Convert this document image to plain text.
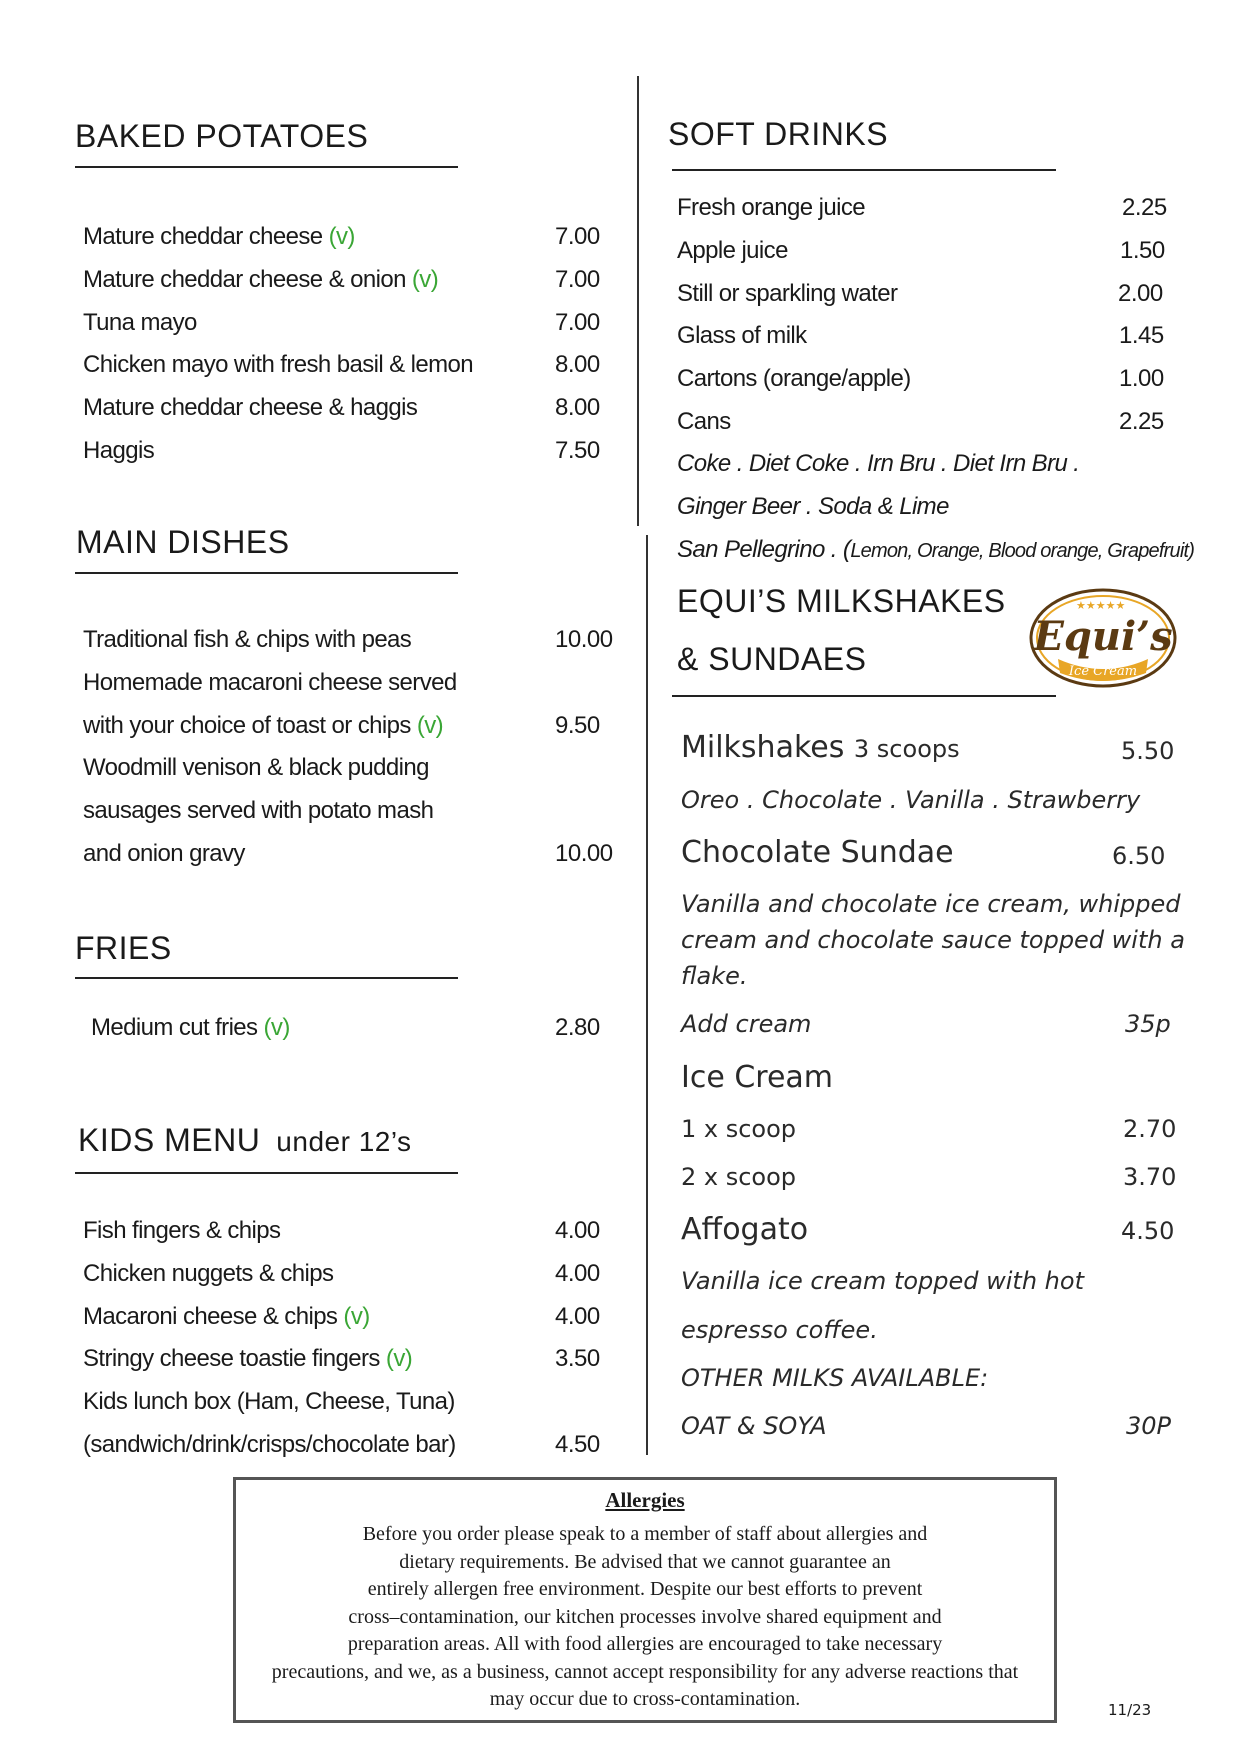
BAKED POTATOES
Mature cheddar cheese (v)	7.00
Mature cheddar cheese & onion (v)	7.00
Tuna mayo	7.00
Chicken mayo with fresh basil & lemon	8.00
Mature cheddar cheese & haggis	8.00
Haggis	7.50
MAIN DISHES
Traditional fish & chips with peas	10.00
Homemade macaroni cheese served
with your choice of toast or chips (v)	9.50
Woodmill venison & black pudding
sausages served with potato mash
and onion gravy	10.00
FRIES
Medium cut fries (v)	2.80
KIDS MENU under 12’s
Fish fingers & chips	4.00
Chicken nuggets & chips	4.00
Macaroni cheese & chips (v)	4.00
Stringy cheese toastie fingers (v)	3.50
Kids lunch box (Ham, Cheese, Tuna)
(sandwich/drink/crisps/chocolate bar)	4.50
SOFT DRINKS
Fresh orange juice	2.25
Apple juice	1.50
Still or sparkling water	2.00
Glass of milk	1.45
Cartons (orange/apple)	1.00
Cans	2.25
Coke . Diet Coke . Irn Bru . Diet Irn Bru .
Ginger Beer . Soda & Lime
San Pellegrino . (Lemon, Orange, Blood orange, Grapefruit)
EQUI’S MILKSHAKES
& SUNDAES
★★★★★
Equi’s
Ice Cream
Milkshakes 3 scoops	5.50
Oreo . Chocolate . Vanilla . Strawberry
Chocolate Sundae	6.50
Vanilla and chocolate ice cream, whipped
cream and chocolate sauce topped with a
flake.
Add cream	35p
Ice Cream
1 x scoop	2.70
2 x scoop	3.70
Affogato	4.50
Vanilla ice cream topped with hot
espresso coffee.
OTHER MILKS AVAILABLE:
OAT & SOYA	30P
Allergies
Before you order please speak to a member of staff about allergies and
dietary requirements. Be advised that we cannot guarantee an
entirely allergen free environment. Despite our best efforts to prevent
cross–contamination, our kitchen processes involve shared equipment and
preparation areas. All with food allergies are encouraged to take necessary
precautions, and we, as a business, cannot accept responsibility for any adverse reactions that
may occur due to cross-contamination.	11/23
